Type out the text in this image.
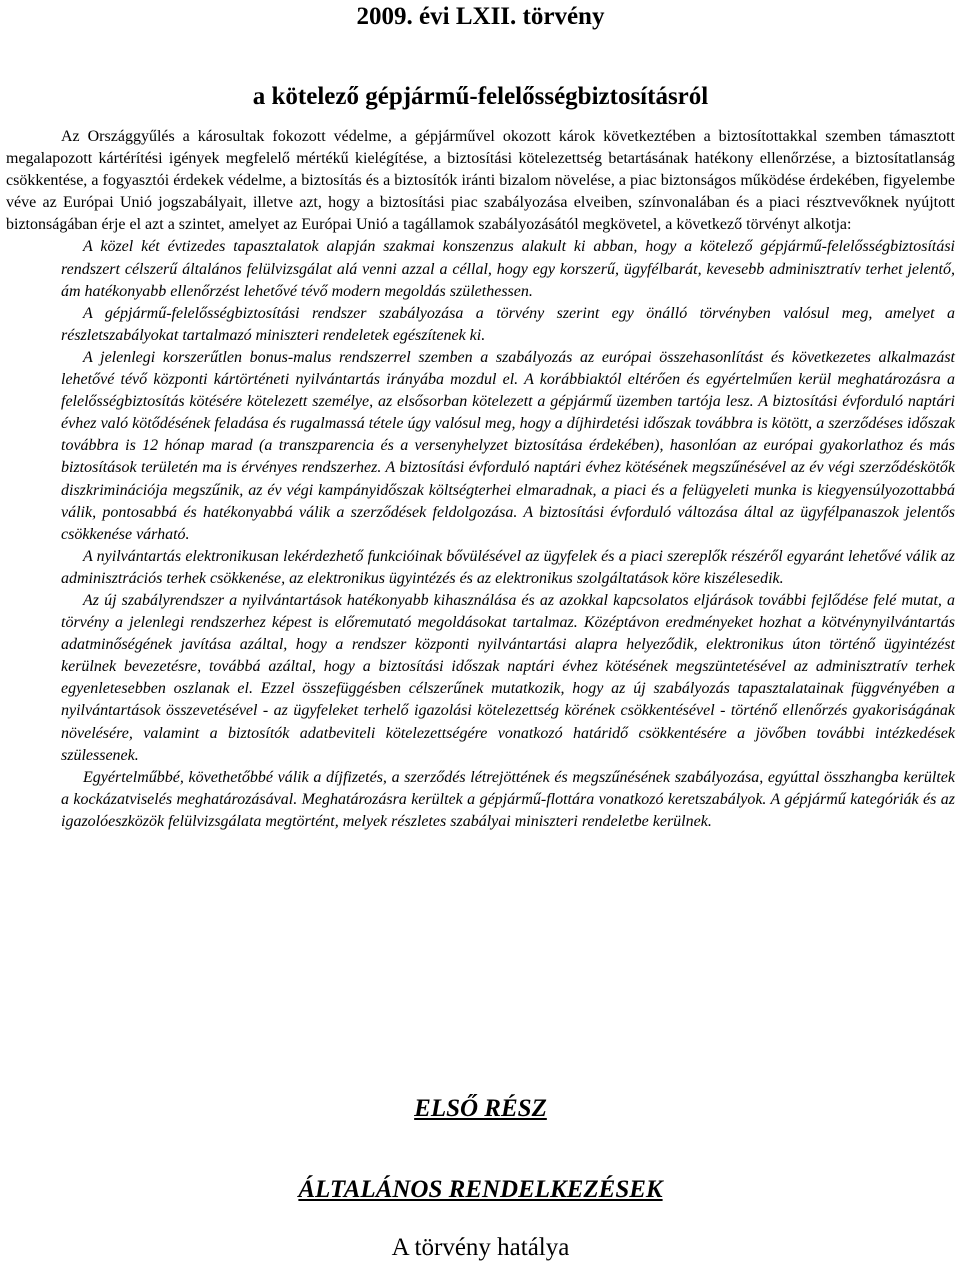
2009. évi LXII. törvény
a kötelező gépjármű-felelősségbiztosításról

Az Országgyűlés a károsultak fokozott védelme, a gépjárművel okozott károk következtében a biztosítottakkal szemben támasztott megalapozott kártérítési igények megfelelő mértékű kielégítése, a biztosítási kötelezettség betartásának hatékony ellenőrzése, a biztosítatlanság csökkentése, a fogyasztói érdekek védelme, a biztosítás és a biztosítók iránti bizalom növelése, a piac biztonságos működése érdekében, figyelembe véve az Európai Unió jogszabályait, illetve azt, hogy a biztosítási piac szabályozása elveiben, színvonalában és a piaci résztvevőknek nyújtott biztonságában érje el azt a szintet, amelyet az Európai Unió a tagállamok szabályozásától megkövetel, a következő törvényt alkotja:

A közel két évtizedes tapasztalatok alapján szakmai konszenzus alakult ki abban, hogy a kötelező gépjármű-felelősségbiztosítási rendszert célszerű általános felülvizsgálat alá venni azzal a céllal, hogy egy korszerű, ügyfélbarát, kevesebb adminisztratív terhet jelentő, ám hatékonyabb ellenőrzést lehetővé tévő modern megoldás születhessen.

A gépjármű-felelősségbiztosítási rendszer szabályozása a törvény szerint egy önálló törvényben valósul meg, amelyet a részletszabályokat tartalmazó miniszteri rendeletek egészítenek ki.

A jelenlegi korszerűtlen bonus-malus rendszerrel szemben a szabályozás az európai összehasonlítást és következetes alkalmazást lehetővé tévő központi kártörténeti nyilvántartás irányába mozdul el. A korábbiaktól eltérően és egyértelműen kerül meghatározásra a felelősségbiztosítás kötésére kötelezett személye, az elsősorban kötelezett a gépjármű üzemben tartója lesz. A biztosítási évforduló naptári évhez való kötődésének feladása és rugalmassá tétele úgy valósul meg, hogy a díjhirdetési időszak továbbra is kötött, a szerződéses időszak továbbra is 12 hónap marad (a transzparencia és a versenyhelyzet biztosítása érdekében), hasonlóan az európai gyakorlathoz és más biztosítások területén ma is érvényes rendszerhez. A biztosítási évforduló naptári évhez kötésének megszűnésével az év végi szerződéskötők diszkriminációja megszűnik, az év végi kampányidőszak költségterhei elmaradnak, a piaci és a felügyeleti munka is kiegyensúlyozottabbá válik, pontosabbá és hatékonyabbá válik a szerződések feldolgozása. A biztosítási évforduló változása által az ügyfélpanaszok jelentős csökkenése várható.

A nyilvántartás elektronikusan lekérdezhető funkcióinak bővülésével az ügyfelek és a piaci szereplők részéről egyaránt lehetővé válik az adminisztrációs terhek csökkenése, az elektronikus ügyintézés és az elektronikus szolgáltatások köre kiszélesedik.

Az új szabályrendszer a nyilvántartások hatékonyabb kihasználása és az azokkal kapcsolatos eljárások további fejlődése felé mutat, a törvény a jelenlegi rendszerhez képest is előremutató megoldásokat tartalmaz. Középtávon eredményeket hozhat a kötvénynyilvántartás adatminőségének javítása azáltal, hogy a rendszer központi nyilvántartási alapra helyeződik, elektronikus úton történő ügyintézést kerülnek bevezetésre, továbbá azáltal, hogy a biztosítási időszak naptári évhez kötésének megszüntetésével az adminisztratív terhek egyenletesebben oszlanak el. Ezzel összefüggésben célszerűnek mutatkozik, hogy az új szabályozás tapasztalatainak függvényében a nyilvántartások összevetésével - az ügyfeleket terhelő igazolási kötelezettség körének csökkentésével - történő ellenőrzés gyakoriságának növelésére, valamint a biztosítók adatbeviteli kötelezettségére vonatkozó határidő csökkentésére a jövőben további intézkedések szülessenek.

Egyértelműbbé, követhetőbbé válik a díjfizetés, a szerződés létrejöttének és megszűnésének szabályozása, egyúttal összhangba kerültek a kockázatviselés meghatározásával. Meghatározásra kerültek a gépjármű-flottára vonatkozó keretszabályok. A gépjármű kategóriák és az igazolóeszközök felülvizsgálata megtörtént, melyek részletes szabályai miniszteri rendeletbe kerülnek.

ELSŐ RÉSZ
ÁLTALÁNOS RENDELKEZÉSEK
A törvény hatálya
